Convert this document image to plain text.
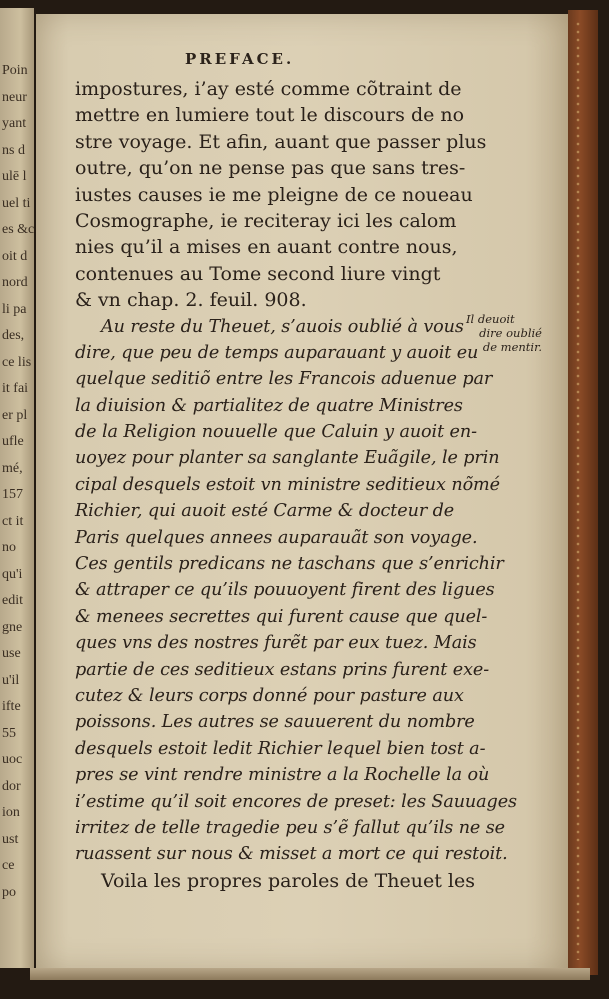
Poin
neur
yant
ns d
ulē l
uel ti
es &c
oit d
nord
li pa
des,
ce lis
it fai
er pl
ufle
mé,
157
ct it
no
qu'i
edit
gne
use
u'il
ifte
55
uoc
dor
ion
ust
ce
po
PREFACE.
impostures, i’ay esté comme cõtraint de
mettre en lumiere tout le discours de no
stre voyage. Et afin, auant que passer plus
outre, qu’on ne pense pas que sans tres-
iustes causes ie me pleigne de ce noueau
Cosmographe, ie reciteray ici les calom
nies qu’il a mises en auant contre nous,
contenues au Tome second liure vingt
& vn chap. 2. feuil. 908.
Au reste du Theuet, s’auois oublié à vous
dire, que peu de temps auparauant y auoit eu
quelque seditiõ entre les Francois aduenue par
la diuision & partialitez de quatre Ministres
de la Religion nouuelle que Caluin y auoit en-
uoyez pour planter sa sanglante Euãgile, le prin
cipal desquels estoit vn ministre seditieux nõmé
Richier, qui auoit esté Carme & docteur de
Paris quelques annees auparauãt son voyage.
Ces gentils predicans ne taschans que s’enrichir
& attraper ce qu’ils pouuoyent firent des ligues
& menees secrettes qui furent cause que quel-
ques vns des nostres furẽt par eux tuez. Mais
partie de ces seditieux estans prins furent exe-
cutez & leurs corps donné pour pasture aux
poissons. Les autres se sauuerent du nombre
desquels estoit ledit Richier lequel bien tost a-
pres se vint rendre ministre a la Rochelle la où
i’estime qu’il soit encores de preset: les Sauuages
irritez de telle tragedie peu s’ẽ fallut qu’ils ne se
ruassent sur nous & misset a mort ce qui restoit.
Voila les propres paroles de Theuet les
Il deuoit
dire oublié
de mentir.
